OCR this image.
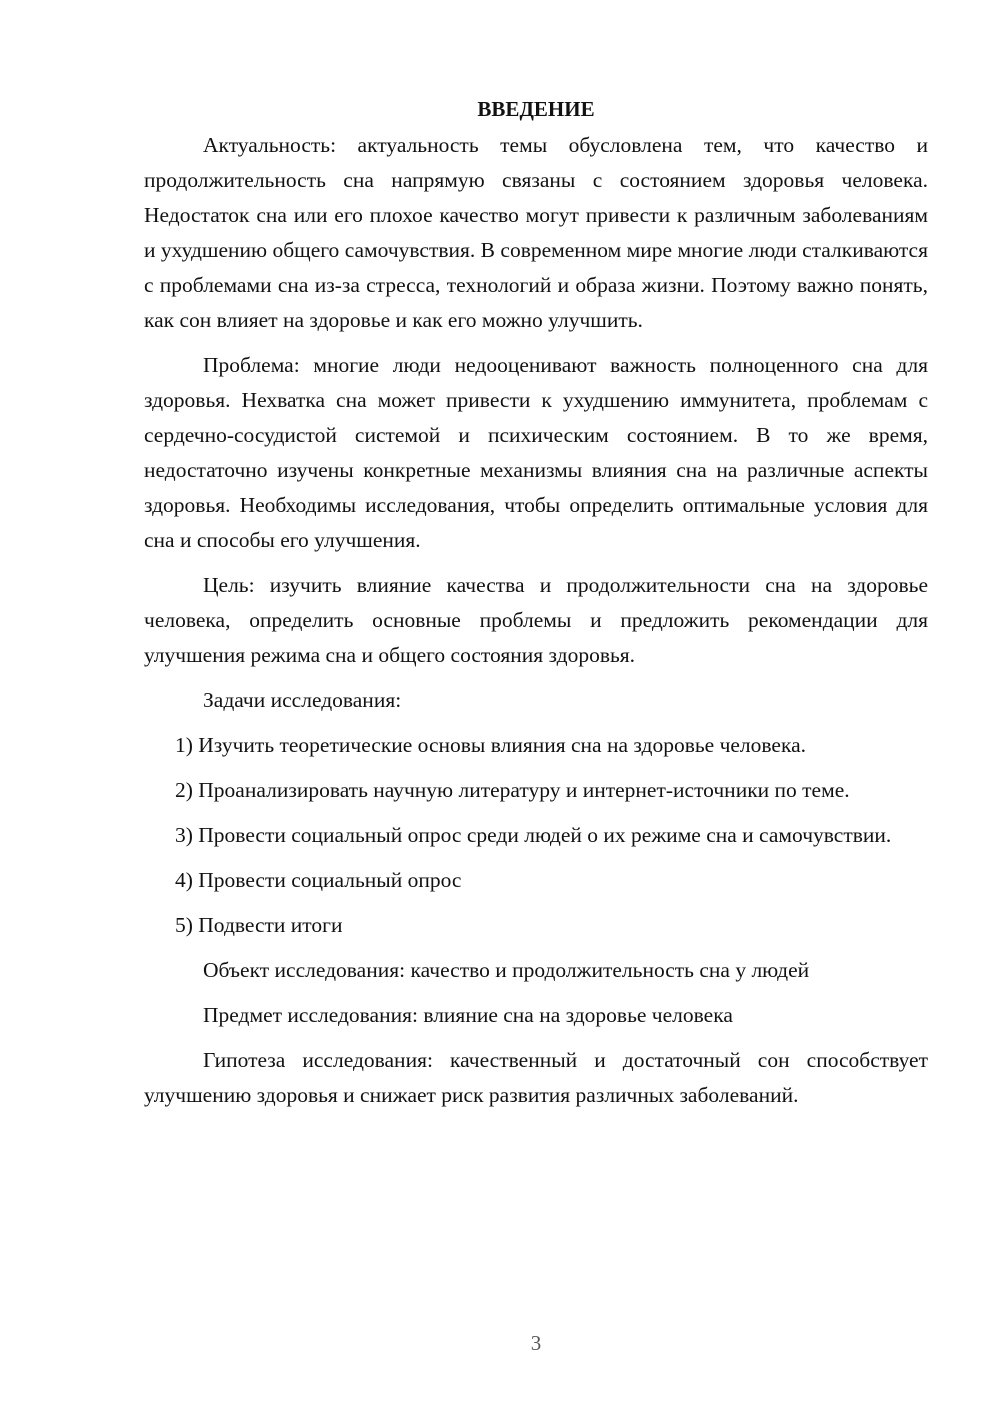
ВВЕДЕНИЕ

Актуальность: актуальность темы обусловлена тем, что качество и продолжительность сна напрямую связаны с состоянием здоровья человека. Недостаток сна или его плохое качество могут привести к различным заболеваниям и ухудшению общего самочувствия. В современном мире многие люди сталкиваются с проблемами сна из-за стресса, технологий и образа жизни. Поэтому важно понять, как сон влияет на здоровье и как его можно улучшить.

Проблема: многие люди недооценивают важность полноценного сна для здоровья. Нехватка сна может привести к ухудшению иммунитета, проблемам с сердечно-сосудистой системой и психическим состоянием. В то же время, недостаточно изучены конкретные механизмы влияния сна на различные аспекты здоровья. Необходимы исследования, чтобы определить оптимальные условия для сна и способы его улучшения.

Цель: изучить влияние качества и продолжительности сна на здоровье человека, определить основные проблемы и предложить рекомендации для улучшения режима сна и общего состояния здоровья.

Задачи исследования:

1) Изучить теоретические основы влияния сна на здоровье человека.

2) Проанализировать научную литературу и интернет-источники по теме.

3) Провести социальный опрос среди людей о их режиме сна и самочувствии.

4) Провести социальный опрос

5) Подвести итоги

Объект исследования: качество и продолжительность сна у людей

Предмет исследования: влияние сна на здоровье человека

Гипотеза исследования: качественный и достаточный сон способствует улучшению здоровья и снижает риск развития различных заболеваний.

3
